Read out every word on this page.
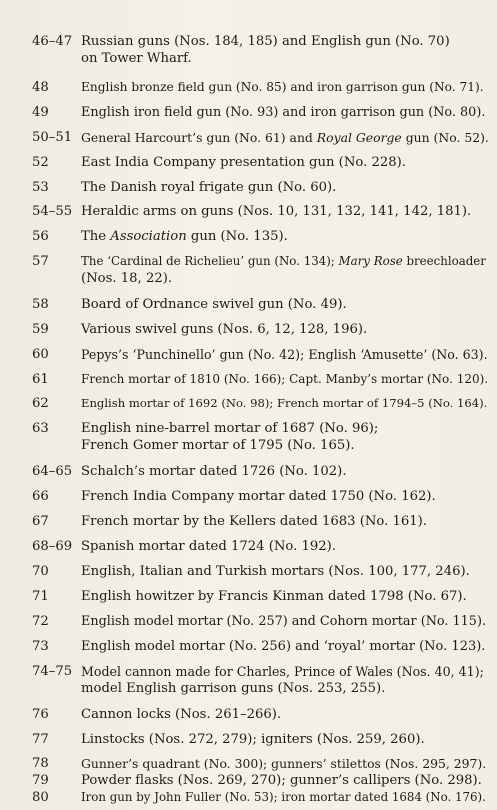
46–47 Russian guns (Nos. 184, 185) and English gun (No. 70)
on Tower Wharf.
48	English bronze field gun (No. 85) and iron garrison gun (No. 71).
49	English iron field gun (No. 93) and iron garrison gun (No. 80).
50–51 General Harcourt’s gun (No. 61) and Royal George gun (No. 52).
52 East India Company presentation gun (No. 228).
53 The Danish royal frigate gun (No. 60).
54–55 Heraldic arms on guns (Nos. 10, 131, 132, 141, 142, 181).
56 The Association gun (No. 135).
57	The ‘Cardinal de Richelieu’ gun (No. 134); Mary Rose breechloader
(Nos. 18, 22).
58 Board of Ordnance swivel gun (No. 49).
59 Various swivel guns (Nos. 6, 12, 128, 196).
60	Pepys’s ‘Punchinello’ gun (No. 42); English ‘Amusette’ (No. 63).
61	French mortar of 1810 (No. 166); Capt. Manby’s mortar (No. 120).
62	English mortar of 1692 (No. 98); French mortar of 1794–5 (No. 164).
63 English nine-barrel mortar of 1687 (No. 96);
French Gomer mortar of 1795 (No. 165).
64–65 Schalch’s mortar dated 1726 (No. 102).
66 French India Company mortar dated 1750 (No. 162).
67 French mortar by the Kellers dated 1683 (No. 161).
68–69 Spanish mortar dated 1724 (No. 192).
70 English, Italian and Turkish mortars (Nos. 100, 177, 246).
71 English howitzer by Francis Kinman dated 1798 (No. 67).
72	English model mortar (No. 257) and Cohorn mortar (No. 115).
73 English model mortar (No. 256) and ‘royal’ mortar (No. 123).
74–75 Model cannon made for Charles, Prince of Wales (Nos. 40, 41);
model English garrison guns (Nos. 253, 255).
76 Cannon locks (Nos. 261–266).
77 Linstocks (Nos. 272, 279); igniters (Nos. 259, 260).
78	Gunner’s quadrant (No. 300); gunners’ stilettos (Nos. 295, 297).
79 Powder flasks (Nos. 269, 270); gunner’s callipers (No. 298).
80	Iron gun by John Fuller (No. 53); iron mortar dated 1684 (No. 176).
